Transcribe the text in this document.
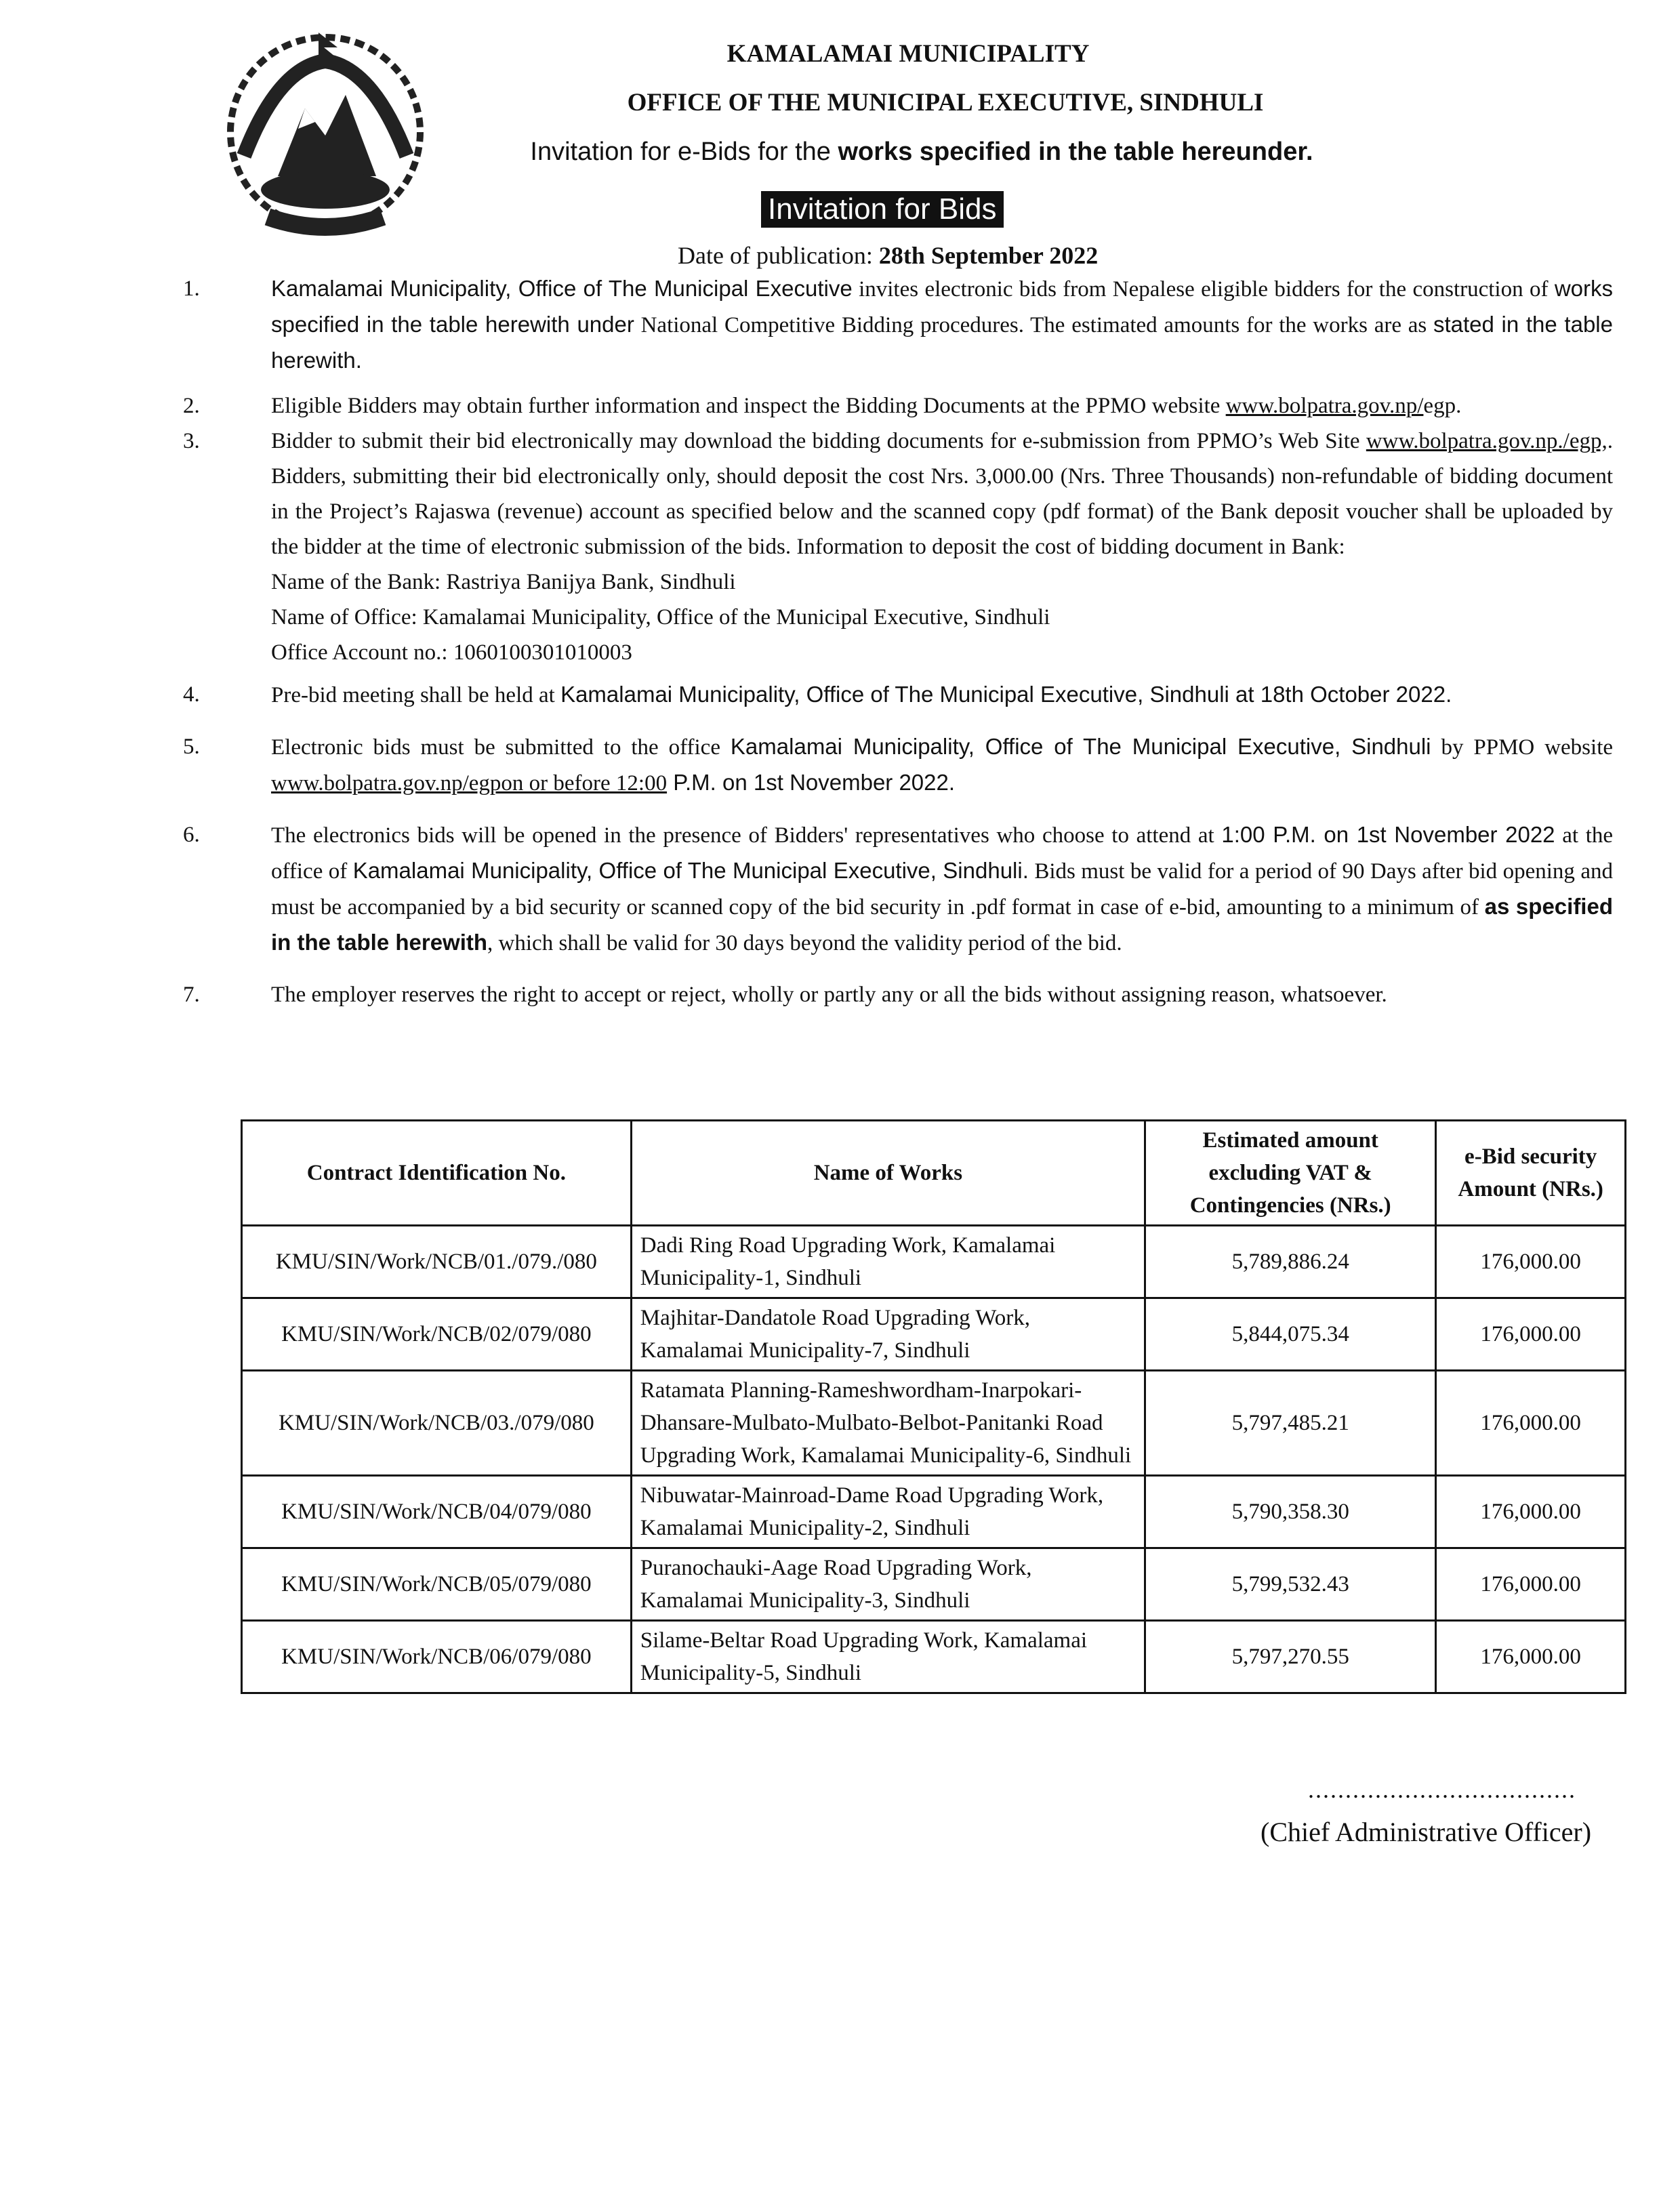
KAMALAMAI MUNICIPALITY
OFFICE OF THE MUNICIPAL EXECUTIVE, SINDHULI
Invitation for e-Bids for the works specified in the table hereunder.
Invitation for Bids
Date of publication: 28th September 2022
1.	Kamalamai Municipality, Office of The Municipal Executive invites electronic bids from Nepalese eligible bidders for the construction of works specified in the table herewith under National Competitive Bidding procedures. The estimated amounts for the works are as stated in the table herewith.
2.	Eligible Bidders may obtain further information and inspect the Bidding Documents at the PPMO website www.bolpatra.gov.np/egp.
3.	Bidder to submit their bid electronically may download the bidding documents for e-submission from PPMO’s Web Site www.bolpatra.gov.np./egp,. Bidders, submitting their bid electronically only, should deposit the cost Nrs. 3,000.00 (Nrs. Three Thousands) non-refundable of bidding document in the Project’s Rajaswa (revenue) account as specified below and the scanned copy (pdf format) of the Bank deposit voucher shall be uploaded by the bidder at the time of electronic submission of the bids. Information to deposit the cost of bidding document in Bank:
Name of the Bank: Rastriya Banijya Bank, Sindhuli
Name of Office: Kamalamai Municipality, Office of the Municipal Executive, Sindhuli
Office Account no.: 1060100301010003
4.	Pre-bid meeting shall be held at Kamalamai Municipality, Office of The Municipal Executive, Sindhuli at 18th October 2022.
5.	Electronic bids must be submitted to the office Kamalamai Municipality, Office of The Municipal Executive, Sindhuli by PPMO website www.bolpatra.gov.np/egpon or before 12:00 P.M. on 1st November 2022.
6.	The electronics bids will be opened in the presence of Bidders' representatives who choose to attend at 1:00 P.M. on 1st November 2022 at the office of Kamalamai Municipality, Office of The Municipal Executive, Sindhuli. Bids must be valid for a period of 90 Days after bid opening and must be accompanied by a bid security or scanned copy of the bid security in .pdf format in case of e-bid, amounting to a minimum of as specified in the table herewith, which shall be valid for 30 days beyond the validity period of the bid.
7.	The employer reserves the right to accept or reject, wholly or partly any or all the bids without assigning reason, whatsoever.
Contract Identification No.	Name of Works	Estimated amount excluding VAT & Contingencies (NRs.)	e-Bid security Amount (NRs.)
KMU/SIN/Work/NCB/01./079./080	Dadi Ring Road Upgrading Work, Kamalamai Municipality-1, Sindhuli	5,789,886.24	176,000.00
KMU/SIN/Work/NCB/02/079/080	Majhitar-Dandatole Road Upgrading Work, Kamalamai Municipality-7, Sindhuli	5,844,075.34	176,000.00
KMU/SIN/Work/NCB/03./079/080	Ratamata Planning-Rameshwordham-Inarpokari-Dhansare-Mulbato-Mulbato-Belbot-Panitanki Road Upgrading Work, Kamalamai Municipality-6, Sindhuli	5,797,485.21	176,000.00
KMU/SIN/Work/NCB/04/079/080	Nibuwatar-Mainroad-Dame Road Upgrading Work, Kamalamai Municipality-2, Sindhuli	5,790,358.30	176,000.00
KMU/SIN/Work/NCB/05/079/080	Puranochauki-Aage Road Upgrading Work, Kamalamai Municipality-3, Sindhuli	5,799,532.43	176,000.00
KMU/SIN/Work/NCB/06/079/080	Silame-Beltar Road Upgrading Work, Kamalamai Municipality-5, Sindhuli	5,797,270.55	176,000.00
....................................
(Chief Administrative Officer)
